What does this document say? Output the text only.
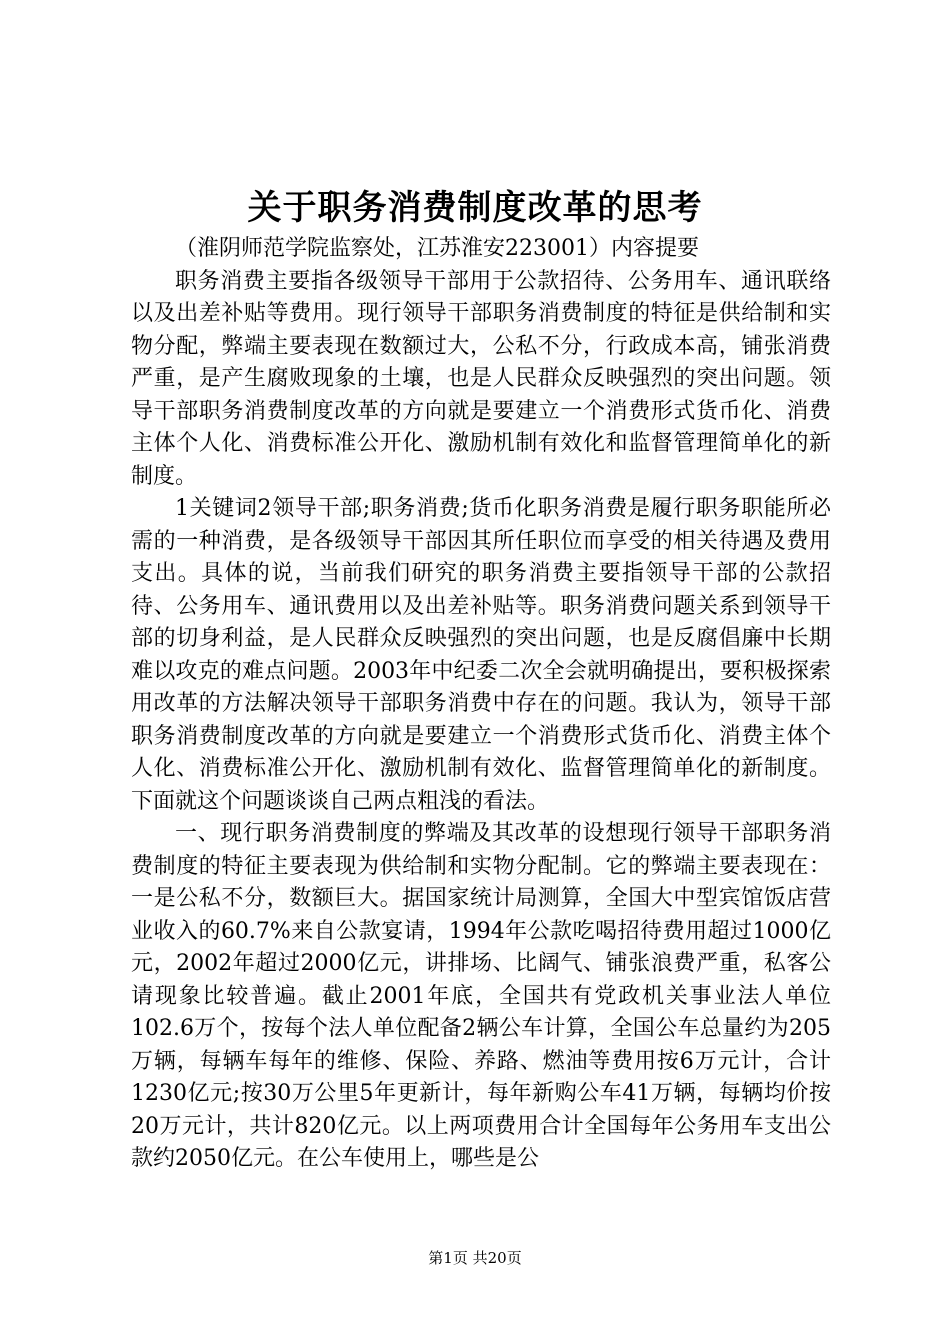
关于职务消费制度改革的思考

（淮阴师范学院监察处，江苏淮安223001）内容提要

职务消费主要指各级领导干部用于公款招待、公务用车、通讯联络以及出差补贴等费用。现行领导干部职务消费制度的特征是供给制和实物分配，弊端主要表现在数额过大，公私不分，行政成本高，铺张消费严重，是产生腐败现象的土壤，也是人民群众反映强烈的突出问题。领导干部职务消费制度改革的方向就是要建立一个消费形式货币化、消费主体个人化、消费标准公开化、激励机制有效化和监督管理简单化的新制度。

1关键词2领导干部;职务消费;货币化职务消费是履行职务职能所必需的一种消费，是各级领导干部因其所任职位而享受的相关待遇及费用支出。具体的说，当前我们研究的职务消费主要指领导干部的公款招待、公务用车、通讯费用以及出差补贴等。职务消费问题关系到领导干部的切身利益，是人民群众反映强烈的突出问题，也是反腐倡廉中长期难以攻克的难点问题。2003年中纪委二次全会就明确提出，要积极探索用改革的方法解决领导干部职务消费中存在的问题。我认为，领导干部职务消费制度改革的方向就是要建立一个消费形式货币化、消费主体个人化、消费标准公开化、激励机制有效化、监督管理简单化的新制度。下面就这个问题谈谈自己两点粗浅的看法。

一、现行职务消费制度的弊端及其改革的设想现行领导干部职务消费制度的特征主要表现为供给制和实物分配制。它的弊端主要表现在：一是公私不分，数额巨大。据国家统计局测算，全国大中型宾馆饭店营业收入的60.7%来自公款宴请，1994年公款吃喝招待费用超过1000亿元，2002年超过2000亿元，讲排场、比阔气、铺张浪费严重，私客公请现象比较普遍。截止2001年底，全国共有党政机关事业法人单位102.6万个，按每个法人单位配备2辆公车计算，全国公车总量约为205万辆，每辆车每年的维修、保险、养路、燃油等费用按6万元计，合计1230亿元;按30万公里5年更新计，每年新购公车41万辆，每辆均价按20万元计，共计820亿元。以上两项费用合计全国每年公务用车支出公款约2050亿元。在公车使用上，哪些是公

第1页 共20页
